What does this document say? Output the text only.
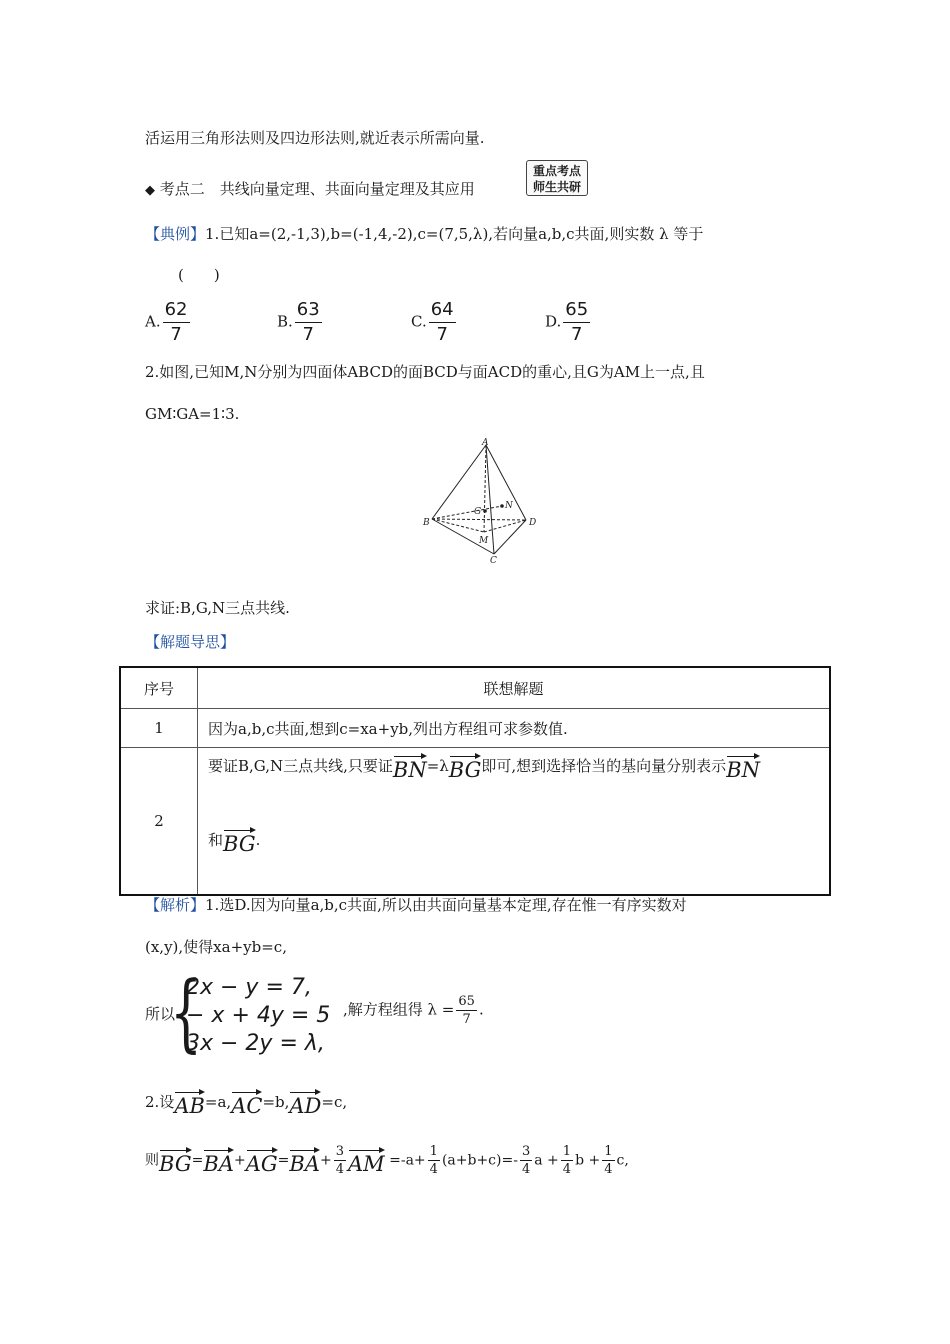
活运用三角形法则及四边形法则,就近表示所需向量.
◆ 考点二　共线向量定理、共面向量定理及其应用
重点考点
师生共研
【典例】1.已知a=(2,-1,3),b=(-1,4,-2),c=(7,5,λ),若向量a,b,c共面,则实数 λ 等于
(　　)
A. $\frac{62}{7}$	B. $\frac{63}{7}$	C. $\frac{64}{7}$	D. $\frac{65}{7}$
2.如图,已知M,N分别为四面体ABCD的面BCD与面ACD的重心,且G为AM上一点,且
GM∶GA=1∶3.
A
B
C
D
G
N
M
求证:B,G,N三点共线.
【解题导思】
序号	联想解题
1	因为a,b,c共面,想到c=xa+yb,列出方程组可求参数值.
2	要证B,G,N三点共线,只要证BN=λBG即可,想到选择恰当的基向量分别表示BN
和BG.
【解析】1.选D.因为向量a,b,c共面,所以由共面向量基本定理,存在惟一有序实数对
(x,y),使得xa+yb=c,
所以
{
2x − y = 7,
− x + 4y = 5
3x − 2y = λ,
,解方程组得 $\lambda = \frac{65}{7}$ .
2.设AB=a,AC=b,AD=c,
则$BG=BA+AG=BA+ \frac{3}{4}$ AM $=-a+ \frac{1}{4} (a+b+c)=- \frac{3}{4}$ $a + \frac{1}{4}$ $b + \frac{1}{4} c$,
